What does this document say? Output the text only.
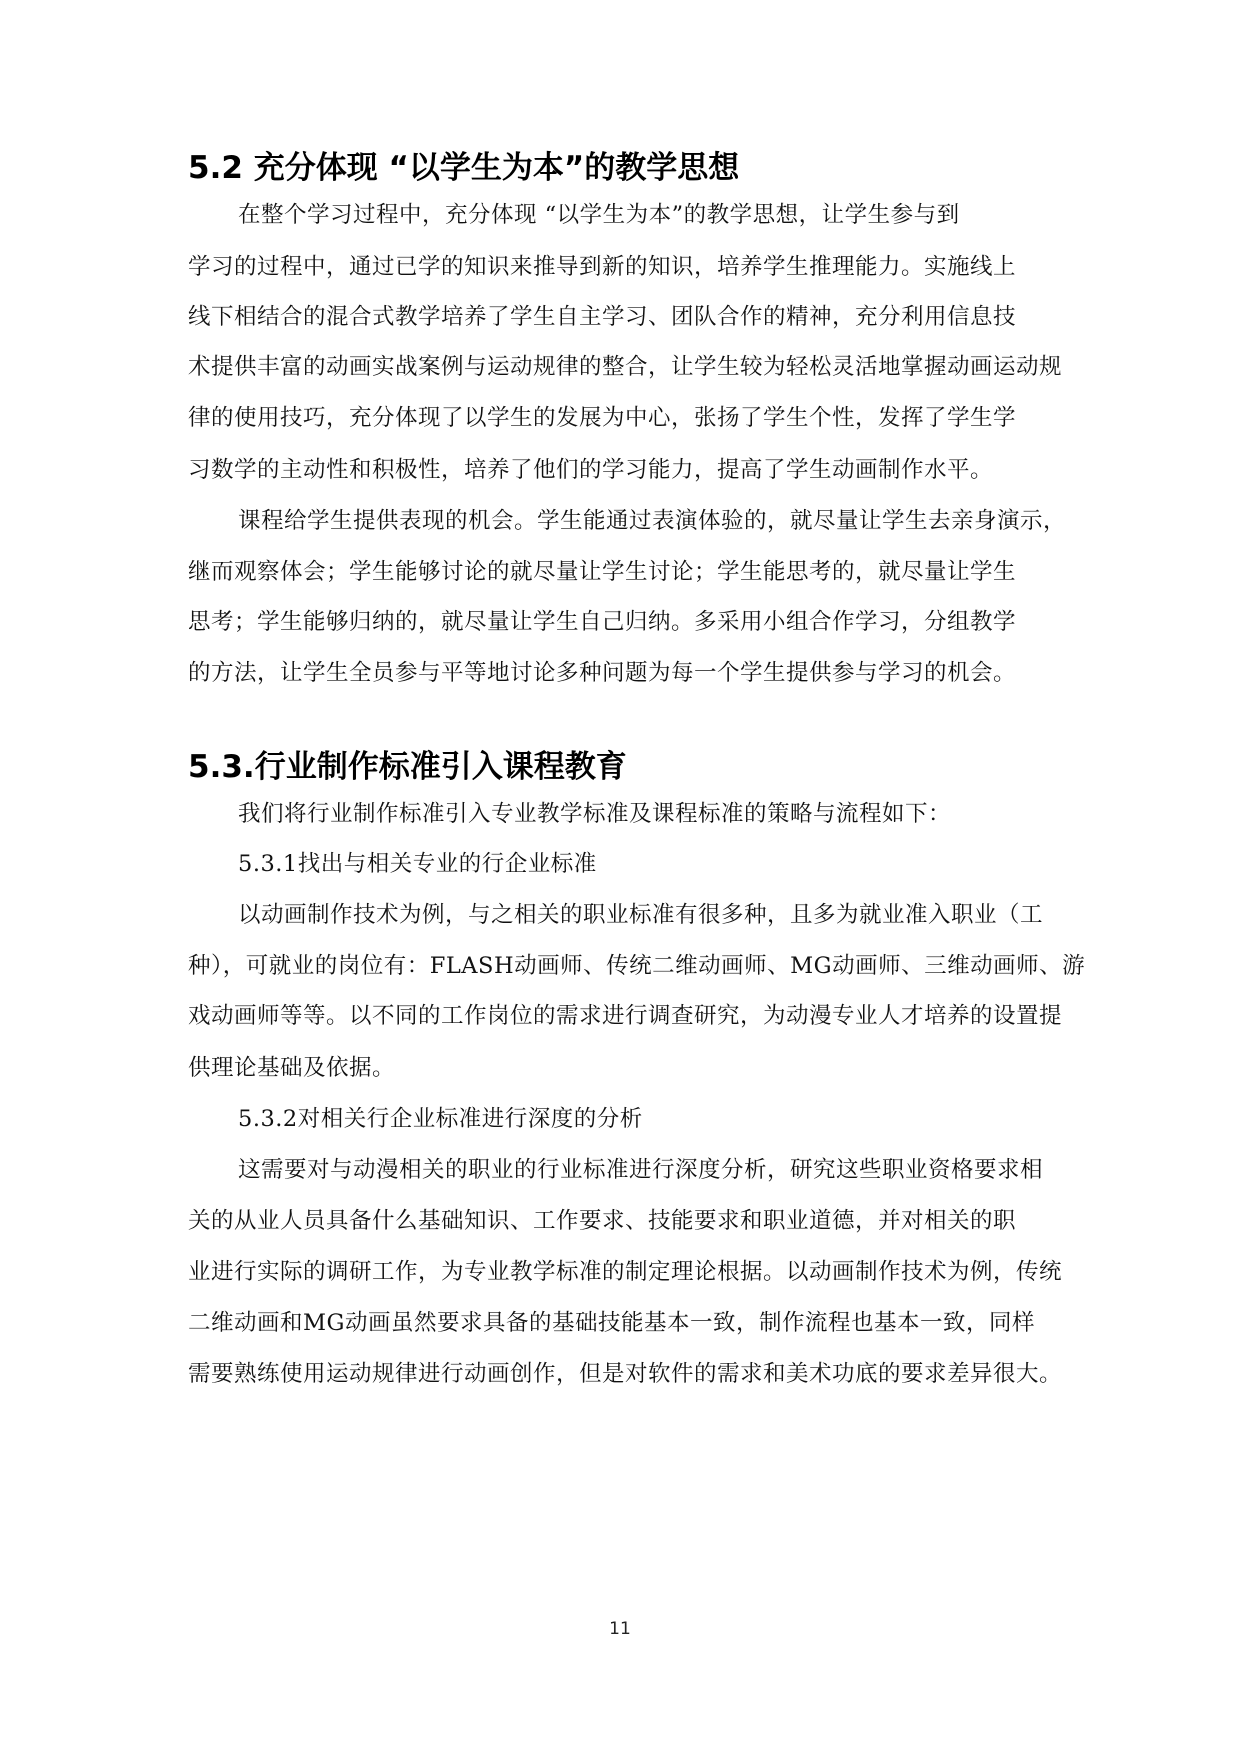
5.2 充分体现 “以学生为本”的教学思想
在整个学习过程中，充分体现 “以学生为本”的教学思想，让学生参与到
学习的过程中，通过已学的知识来推导到新的知识，培养学生推理能力。实施线上
线下相结合的混合式教学培养了学生自主学习、团队合作的精神，充分利用信息技
术提供丰富的动画实战案例与运动规律的整合，让学生较为轻松灵活地掌握动画运动规
律的使用技巧，充分体现了以学生的发展为中心，张扬了学生个性，发挥了学生学
习数学的主动性和积极性，培养了他们的学习能力，提高了学生动画制作水平。
课程给学生提供表现的机会。学生能通过表演体验的，就尽量让学生去亲身演示，
继而观察体会；学生能够讨论的就尽量让学生讨论；学生能思考的，就尽量让学生
思考；学生能够归纳的，就尽量让学生自己归纳。多采用小组合作学习，分组教学
的方法，让学生全员参与平等地讨论多种问题为每一个学生提供参与学习的机会。
5.3.行业制作标准引入课程教育
我们将行业制作标准引入专业教学标准及课程标准的策略与流程如下：
5.3.1找出与相关专业的行企业标准
以动画制作技术为例，与之相关的职业标准有很多种，且多为就业准入职业（工
种），可就业的岗位有：FLASH动画师、传统二维动画师、MG动画师、三维动画师、游
戏动画师等等。以不同的工作岗位的需求进行调查研究，为动漫专业人才培养的设置提
供理论基础及依据。
5.3.2对相关行企业标准进行深度的分析
这需要对与动漫相关的职业的行业标准进行深度分析，研究这些职业资格要求相
关的从业人员具备什么基础知识、工作要求、技能要求和职业道德，并对相关的职
业进行实际的调研工作，为专业教学标准的制定理论根据。以动画制作技术为例，传统
二维动画和MG动画虽然要求具备的基础技能基本一致，制作流程也基本一致，同样
需要熟练使用运动规律进行动画创作，但是对软件的需求和美术功底的要求差异很大。
11
